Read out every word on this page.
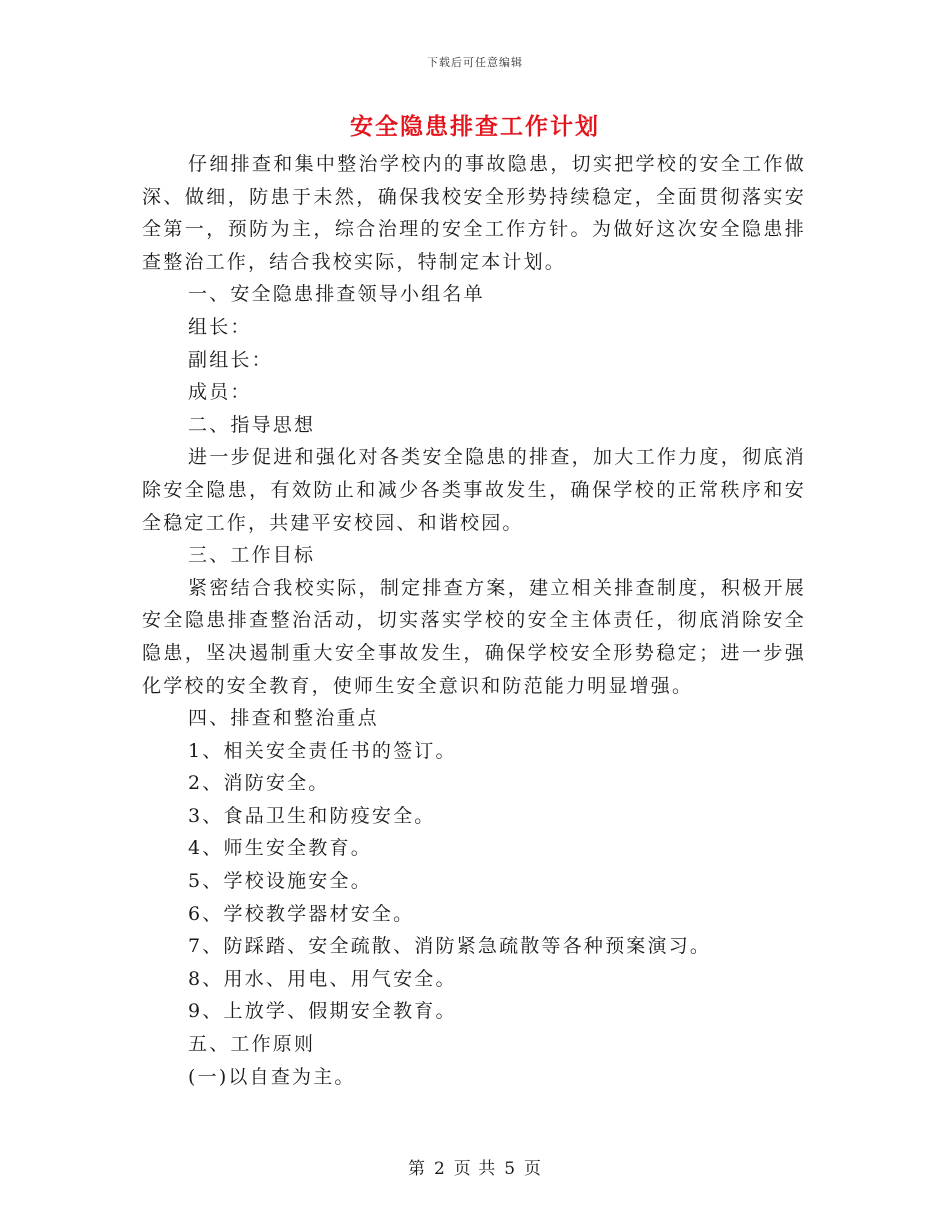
下载后可任意编辑
安全隐患排查工作计划

仔细排查和集中整治学校内的事故隐患，切实把学校的安全工作做深、做细，防患于未然，确保我校安全形势持续稳定，全面贯彻落实安全第一，预防为主，综合治理的安全工作方针。为做好这次安全隐患排查整治工作，结合我校实际，特制定本计划。

一、安全隐患排查领导小组名单

组长：

副组长：

成员：

二、指导思想

进一步促进和强化对各类安全隐患的排查，加大工作力度，彻底消除安全隐患，有效防止和减少各类事故发生，确保学校的正常秩序和安全稳定工作，共建平安校园、和谐校园。

三、工作目标

紧密结合我校实际，制定排查方案，建立相关排查制度，积极开展安全隐患排查整治活动，切实落实学校的安全主体责任，彻底消除安全隐患，坚决遏制重大安全事故发生，确保学校安全形势稳定；进一步强化学校的安全教育，使师生安全意识和防范能力明显增强。

四、排查和整治重点

1、相关安全责任书的签订。

2、消防安全。

3、食品卫生和防疫安全。

4、师生安全教育。

5、学校设施安全。

6、学校教学器材安全。

7、防踩踏、安全疏散、消防紧急疏散等各种预案演习。

8、用水、用电、用气安全。

9、上放学、假期安全教育。

五、工作原则

(一)以自查为主。

第 2 页 共 5 页
